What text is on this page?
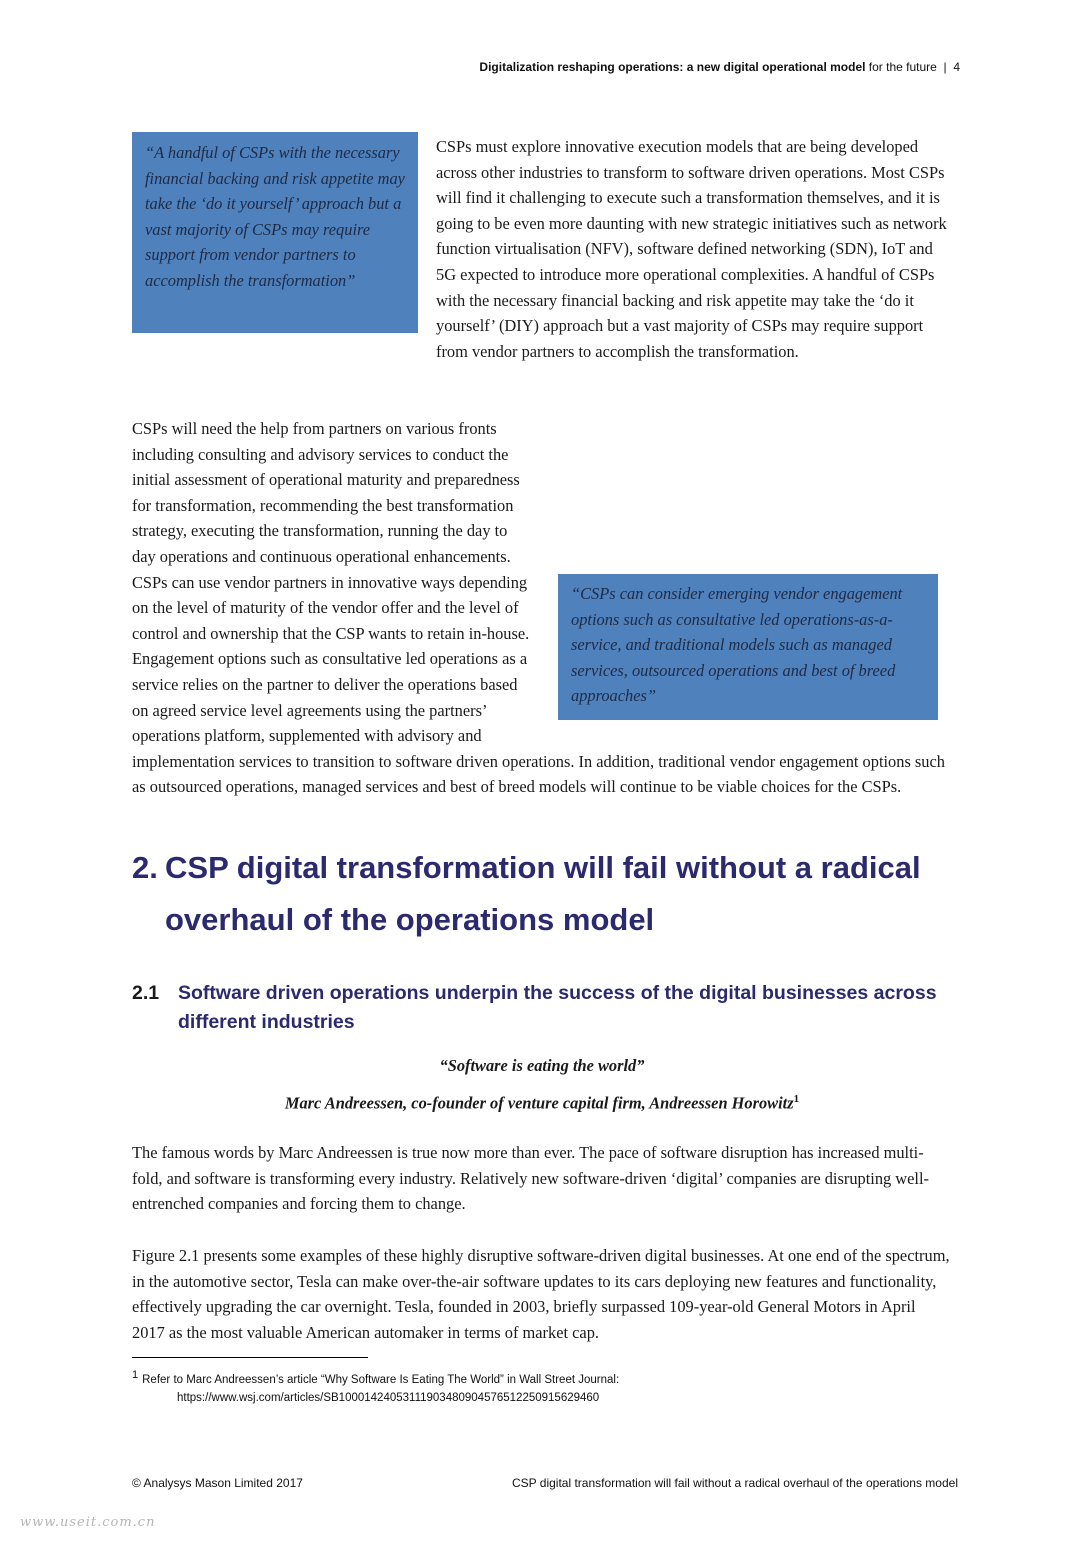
Digitalization reshaping operations: a new digital operational model for the future | 4
“A handful of CSPs with the necessary financial backing and risk appetite may take the ‘do it yourself’ approach but a vast majority of CSPs may require support from vendor partners to accomplish the transformation”

CSPs must explore innovative execution models that are being developed across other industries to transform to software driven operations. Most CSPs will find it challenging to execute such a transformation themselves, and it is going to be even more daunting with new strategic initiatives such as network function virtualisation (NFV), software defined networking (SDN), IoT and 5G expected to introduce more operational complexities. A handful of CSPs with the necessary financial backing and risk appetite may take the ‘do it yourself’ (DIY) approach but a vast majority of CSPs may require support from vendor partners to accomplish the transformation.

“CSPs can consider emerging vendor engagement options such as consultative led operations-as-a-service, and traditional models such as managed services, outsourced operations and best of breed approaches”

CSPs will need the help from partners on various fronts including consulting and advisory services to conduct the initial assessment of operational maturity and preparedness for transformation, recommending the best transformation strategy, executing the transformation, running the day to day operations and continuous operational enhancements. CSPs can use vendor partners in innovative ways depending on the level of maturity of the vendor offer and the level of control and ownership that the CSP wants to retain in-house. Engagement options such as consultative led operations as a service relies on the partner to deliver the operations based on agreed service level agreements using the partners’ operations platform, supplemented with advisory and implementation services to transition to software driven operations. In addition, traditional vendor engagement options such as outsourced operations, managed services and best of breed models will continue to be viable choices for the CSPs.

2. CSP digital transformation will fail without a radical
overhaul of the operations model
2.1 Software driven operations underpin the success of the digital businesses across different industries
“Software is eating the world”
Marc Andreessen, co-founder of venture capital firm, Andreessen Horowitz$^1$

The famous words by Marc Andreessen is true now more than ever. The pace of software disruption has increased multi-fold, and software is transforming every industry. Relatively new software-driven ‘digital’ companies are disrupting well-entrenched companies and forcing them to change.

Figure 2.1 presents some examples of these highly disruptive software-driven digital businesses. At one end of the spectrum, in the automotive sector, Tesla can make over-the-air software updates to its cars deploying new features and functionality, effectively upgrading the car overnight. Tesla, founded in 2003, briefly surpassed 109-year-old General Motors in April 2017 as the most valuable American automaker in terms of market cap.

$^1$ Refer to Marc Andreessen’s article “Why Software Is Eating The World” in Wall Street Journal:
https://www.wsj.com/articles/SB10001424053111903480904576512250915629460
© Analysys Mason Limited 2017	CSP digital transformation will fail without a radical overhaul of the operations model
www.useit.com.cn
